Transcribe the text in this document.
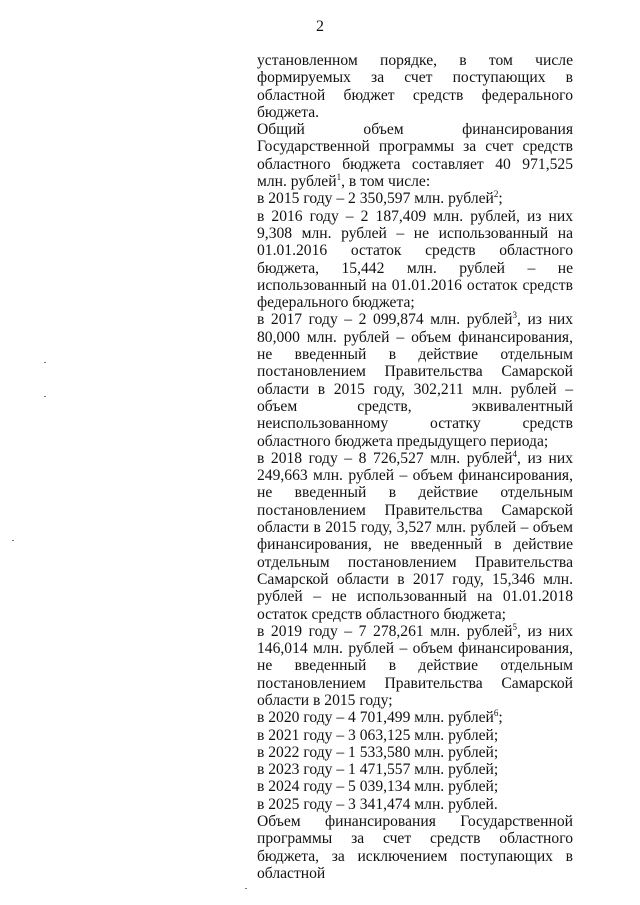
2

установленном порядке, в том числе формируемых за счет поступающих в областной бюджет средств федерального бюджета.

Общий объем финансирования Государственной программы за счет средств областного бюджета составляет 40 971,525 млн. рублей$^1$, в том числе:

в 2015 году – 2 350,597 млн. рублей$^2$;

в 2016 году – 2 187,409 млн. рублей, из них 9,308 млн. рублей – не использованный на 01.01.2016 остаток средств областного бюджета, 15,442 млн. рублей – не использованный на 01.01.2016 остаток средств федерального бюджета;

в 2017 году – 2 099,874 млн. рублей$^3$, из них 80,000 млн. рублей – объем финансирования, не введенный в действие отдельным постановлением Правительства Самарской области в 2015 году, 302,211 млн. рублей – объем средств, эквивалентный неиспользованному остатку средств областного бюджета предыдущего периода;

в 2018 году – 8 726,527 млн. рублей$^4$, из них 249,663 млн. рублей – объем финансирования, не введенный в действие отдельным постановлением Правительства Самарской области в 2015 году, 3,527 млн. рублей – объем финансирования, не введенный в действие отдельным постановлением Правительства Самарской области в 2017 году, 15,346 млн. рублей – не использованный на 01.01.2018 остаток средств областного бюджета;

в 2019 году – 7 278,261 млн. рублей$^5$, из них 146,014 млн. рублей – объем финансирования, не введенный в действие отдельным постановлением Правительства Самарской области в 2015 году;

в 2020 году – 4 701,499 млн. рублей$^6$;

в 2021 году – 3 063,125 млн. рублей;

в 2022 году – 1 533,580 млн. рублей;

в 2023 году – 1 471,557 млн. рублей;

в 2024 году – 5 039,134 млн. рублей;

в 2025 году – 3 341,474 млн. рублей.

Объем финансирования Государственной программы за счет средств областного бюджета, за исключением поступающих в областной
